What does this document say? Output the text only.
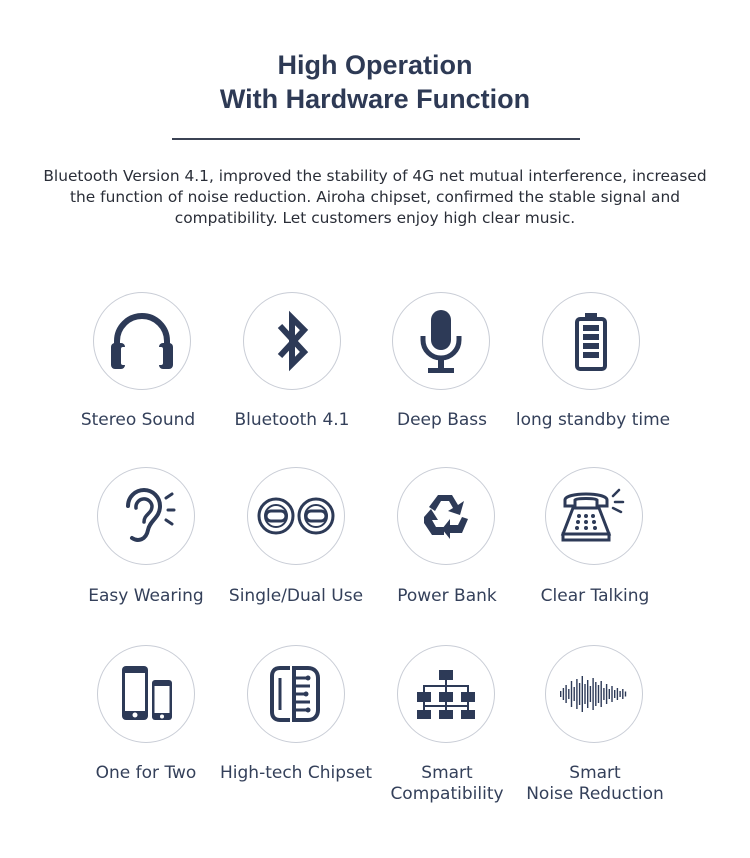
High Operation
With Hardware Function
Bluetooth Version 4.1, improved the stability of 4G net mutual interference, increased the function of noise reduction. Airoha chipset, confirmed the stable signal and compatibility. Let customers enjoy high clear music.
Stereo Sound	Bluetooth 4.1	Deep Bass	long standby time
Easy Wearing	Single/Dual Use	Power Bank	Clear Talking
One for Two	High-tech Chipset	Smart
Compatibility
Smart
Noise Reduction
